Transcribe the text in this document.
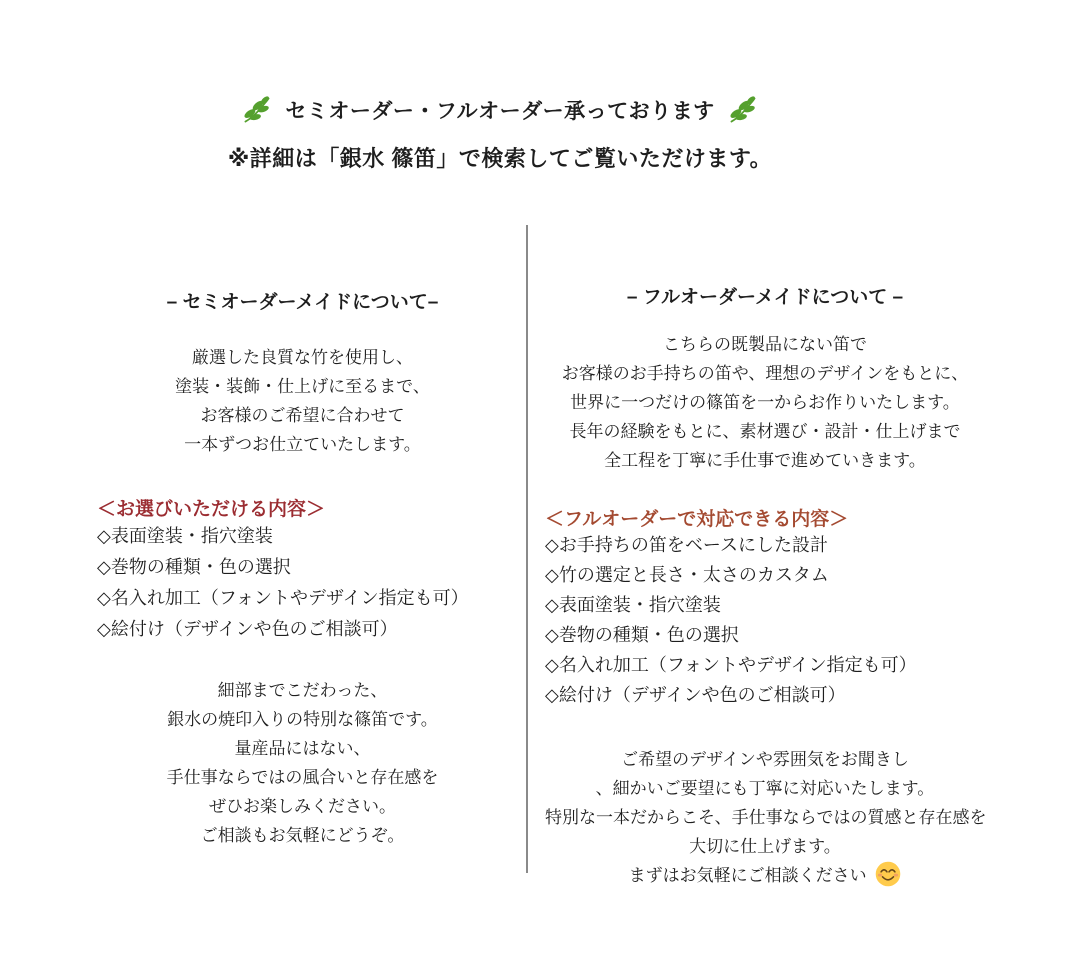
セミオーダー・フルオーダー承っております
※詳細は「銀水 篠笛」で検索してご覧いただけます。
– セミオーダーメイドについて–
厳選した良質な竹を使用し、
塗装・装飾・仕上げに至るまで、
お客様のご希望に合わせて
一本ずつお仕立ていたします。
＜お選びいただける内容＞
◇表面塗装・指穴塗装
◇巻物の種類・色の選択
◇名入れ加工（フォントやデザイン指定も可）
◇絵付け（デザインや色のご相談可）
細部までこだわった、
銀水の焼印入りの特別な篠笛です。
量産品にはない、
手仕事ならではの風合いと存在感を
ぜひお楽しみください。
ご相談もお気軽にどうぞ。
– フルオーダーメイドについて –
こちらの既製品にない笛で
お客様のお手持ちの笛や、理想のデザインをもとに、
世界に一つだけの篠笛を一からお作りいたします。
長年の経験をもとに、素材選び・設計・仕上げまで
全工程を丁寧に手仕事で進めていきます。
＜フルオーダーで対応できる内容＞
◇お手持ちの笛をベースにした設計
◇竹の選定と長さ・太さのカスタム
◇表面塗装・指穴塗装
◇巻物の種類・色の選択
◇名入れ加工（フォントやデザイン指定も可）
◇絵付け（デザインや色のご相談可）
ご希望のデザインや雰囲気をお聞きし
、細かいご要望にも丁寧に対応いたします。
特別な一本だからこそ、手仕事ならではの質感と存在感を
大切に仕上げます。
まずはお気軽にご相談ください
